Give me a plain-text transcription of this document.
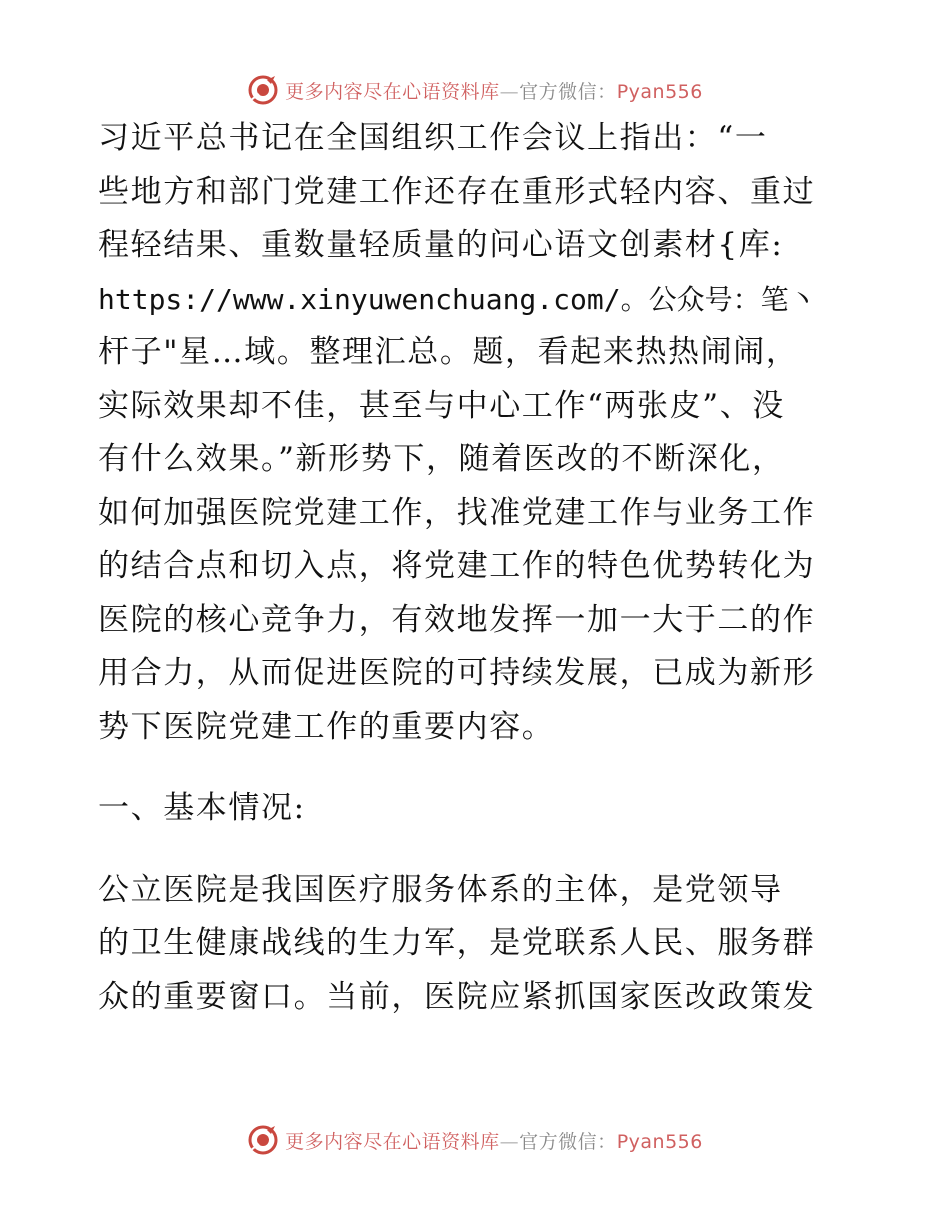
更多内容尽在心语资料库—官方微信：Pyan556
习近平总书记在全国组织工作会议上指出：“一
些地方和部门党建工作还存在重形式轻内容、重过
程轻结果、重数量轻质量的问心语文创素材{库:
https://www.xinyuwenchuang.com/。公众号：笔丶
杆子"星…域。整理汇总。题，看起来热热闹闹，
实际效果却不佳，甚至与中心工作“两张皮”、没
有什么效果。”新形势下，随着医改的不断深化，
如何加强医院党建工作，找准党建工作与业务工作
的结合点和切入点，将党建工作的特色优势转化为
医院的核心竞争力，有效地发挥一加一大于二的作
用合力，从而促进医院的可持续发展，已成为新形
势下医院党建工作的重要内容。
一、基本情况:
公立医院是我国医疗服务体系的主体，是党领导
的卫生健康战线的生力军，是党联系人民、服务群
众的重要窗口。当前，医院应紧抓国家医改政策发
更多内容尽在心语资料库—官方微信：Pyan556
